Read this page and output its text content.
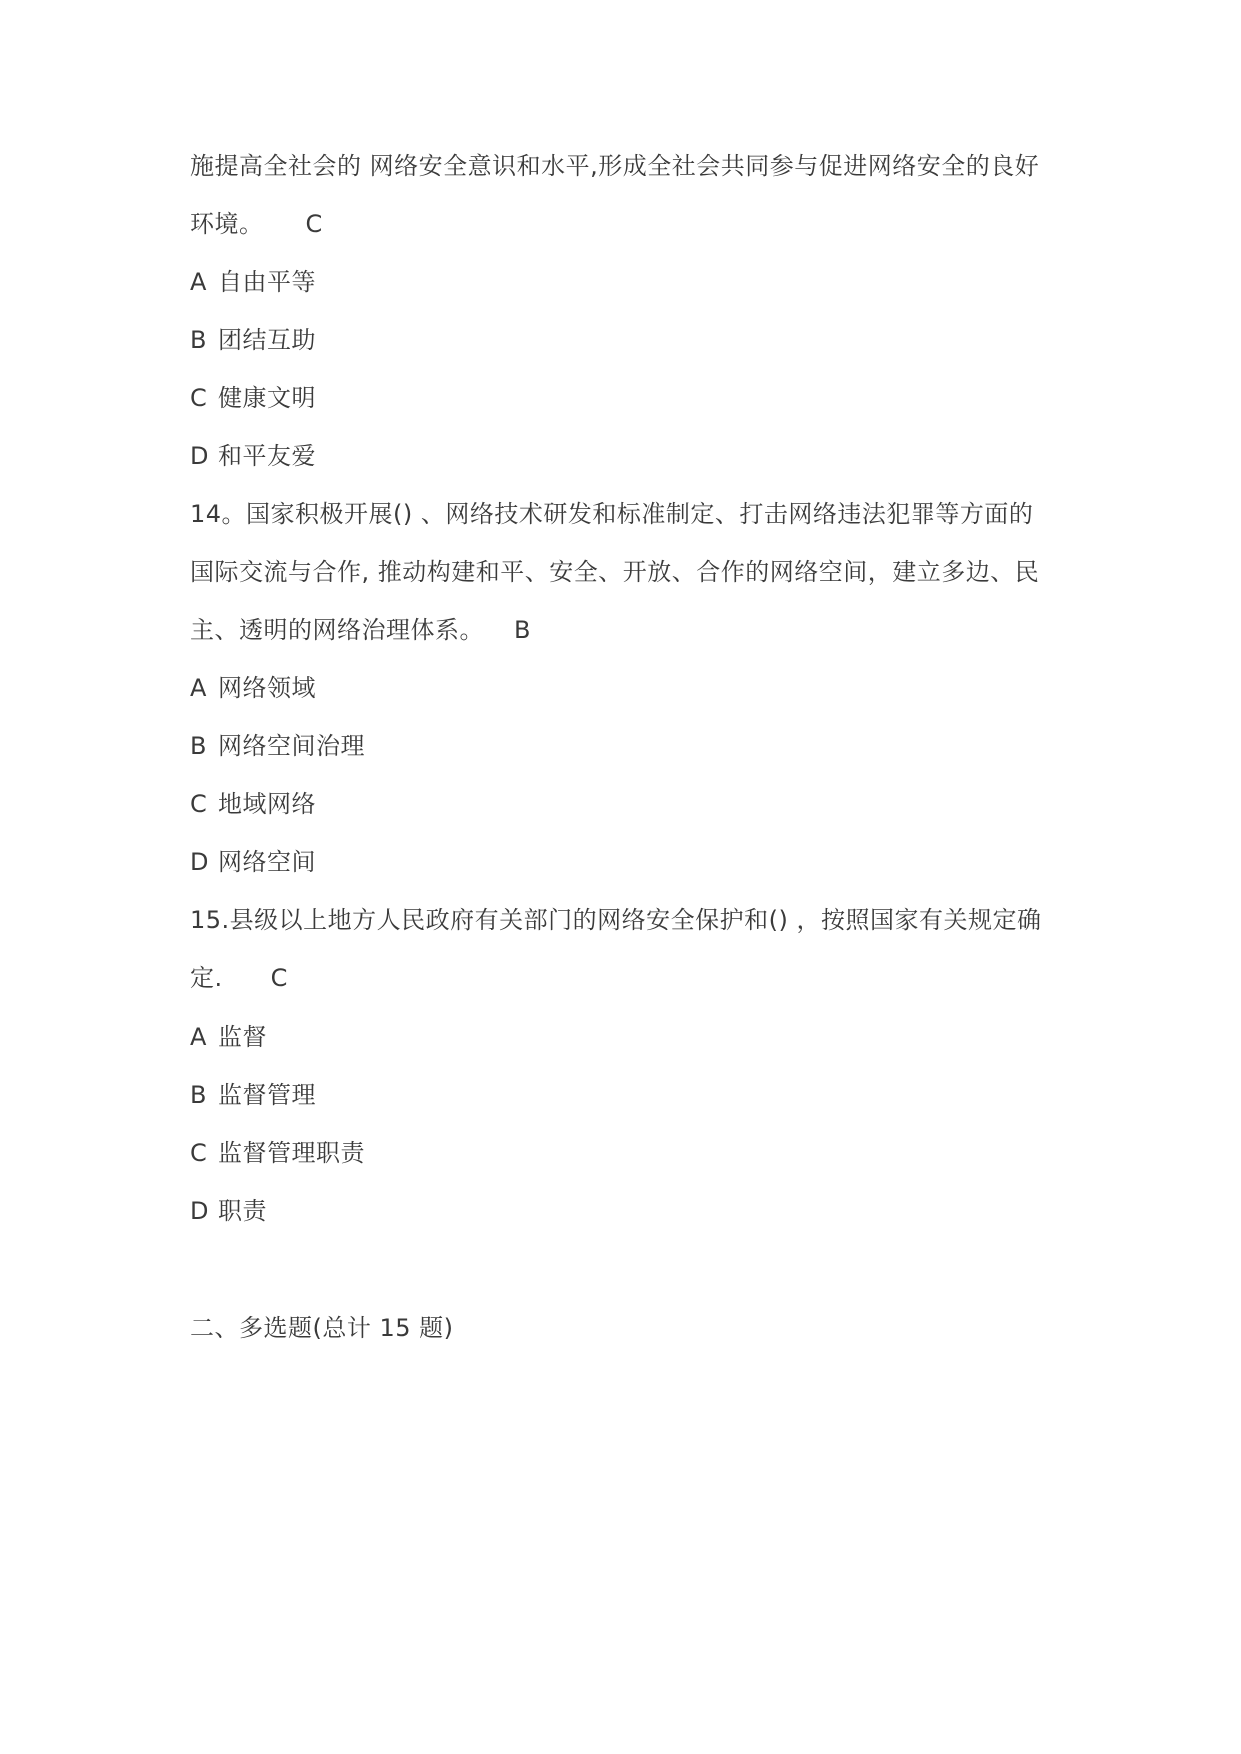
施提高全社会的 网络安全意识和水平,形成全社会共同参与促进网络安全的良好
环境。 C
A 自由平等
B 团结互助
C 健康文明
D 和平友爱
14。国家积极开展() 、网络技术研发和标准制定、打击网络违法犯罪等方面的
国际交流与合作, 推动构建和平、安全、开放、合作的网络空间，建立多边、民
主、透明的网络治理体系。 B
A 网络领域
B 网络空间治理
C 地域网络
D 网络空间
15.县级以上地方人民政府有关部门的网络安全保护和() ，按照国家有关规定确
定. C
A 监督
B 监督管理
C 监督管理职责
D 职责
二、多选题(总计 15 题)
